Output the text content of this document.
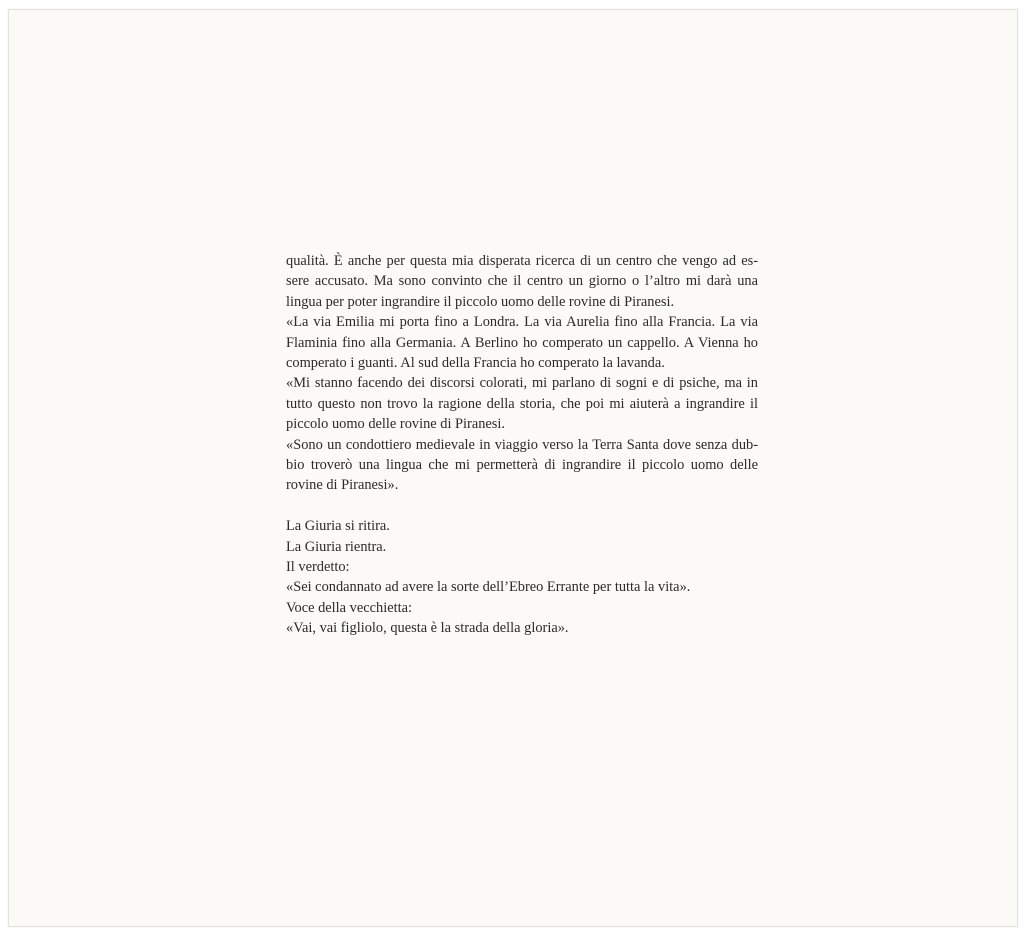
qualità. È anche per questa mia disperata ricerca di un centro che vengo ad es-
sere accusato. Ma sono convinto che il centro un giorno o l’altro mi darà una
lingua per poter ingrandire il piccolo uomo delle rovine di Piranesi.
«La via Emilia mi porta fino a Londra. La via Aurelia fino alla Francia. La via
Flaminia fino alla Germania. A Berlino ho comperato un cappello. A Vienna ho
comperato i guanti. Al sud della Francia ho comperato la lavanda.
«Mi stanno facendo dei discorsi colorati, mi parlano di sogni e di psiche, ma in
tutto questo non trovo la ragione della storia, che poi mi aiuterà a ingrandire il
piccolo uomo delle rovine di Piranesi.
«Sono un condottiero medievale in viaggio verso la Terra Santa dove senza dub-
bio troverò una lingua che mi permetterà di ingrandire il piccolo uomo delle
rovine di Piranesi».
La Giuria si ritira.
La Giuria rientra.
Il verdetto:
«Sei condannato ad avere la sorte dell’Ebreo Errante per tutta la vita».
Voce della vecchietta:
«Vai, vai figliolo, questa è la strada della gloria».
